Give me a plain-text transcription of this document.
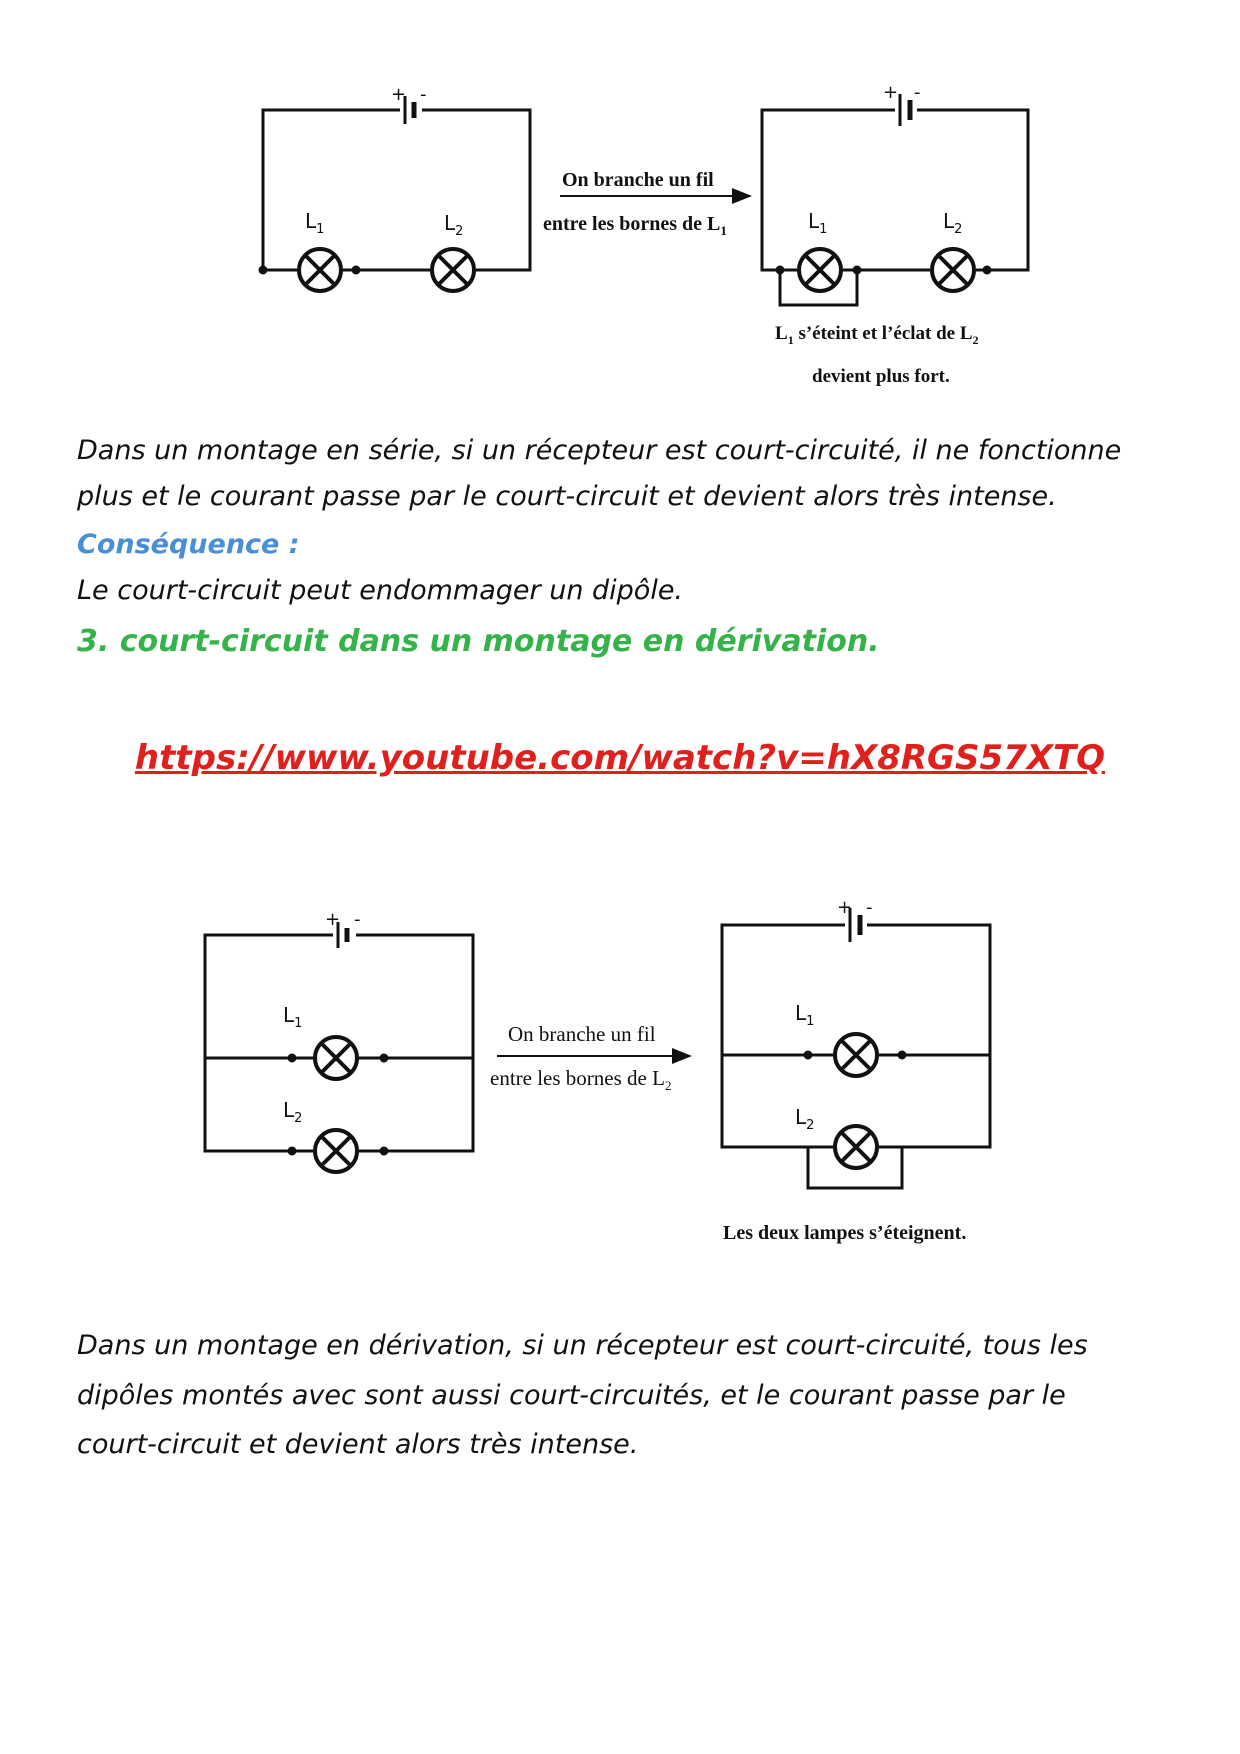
+ -
$L_1$	$L_2$
On branche un fil
entre les bornes de $L_1$
+ -
$L_1$	$L_2$
$L_1$ s’éteint et l’éclat de $L_2$
devient plus fort.
+ -
$L_1$
$L_2$
On branche un fil
entre les bornes de $L_2$
+ -
$L_1$
$L_2$
Les deux lampes s’éteignent.

Dans un montage en série, si un récepteur est court-circuité, il ne fonctionne

plus et le courant passe par le court-circuit et devient alors très intense.

Conséquence :

Le court-circuit peut endommager un dipôle.

3. court-circuit dans un montage en dérivation.

https://www.youtube.com/watch?v=hX8RGS57XTQ

Dans un montage en dérivation, si un récepteur est court-circuité, tous les

dipôles montés avec sont aussi court-circuités, et le courant passe par le

court-circuit et devient alors très intense.
